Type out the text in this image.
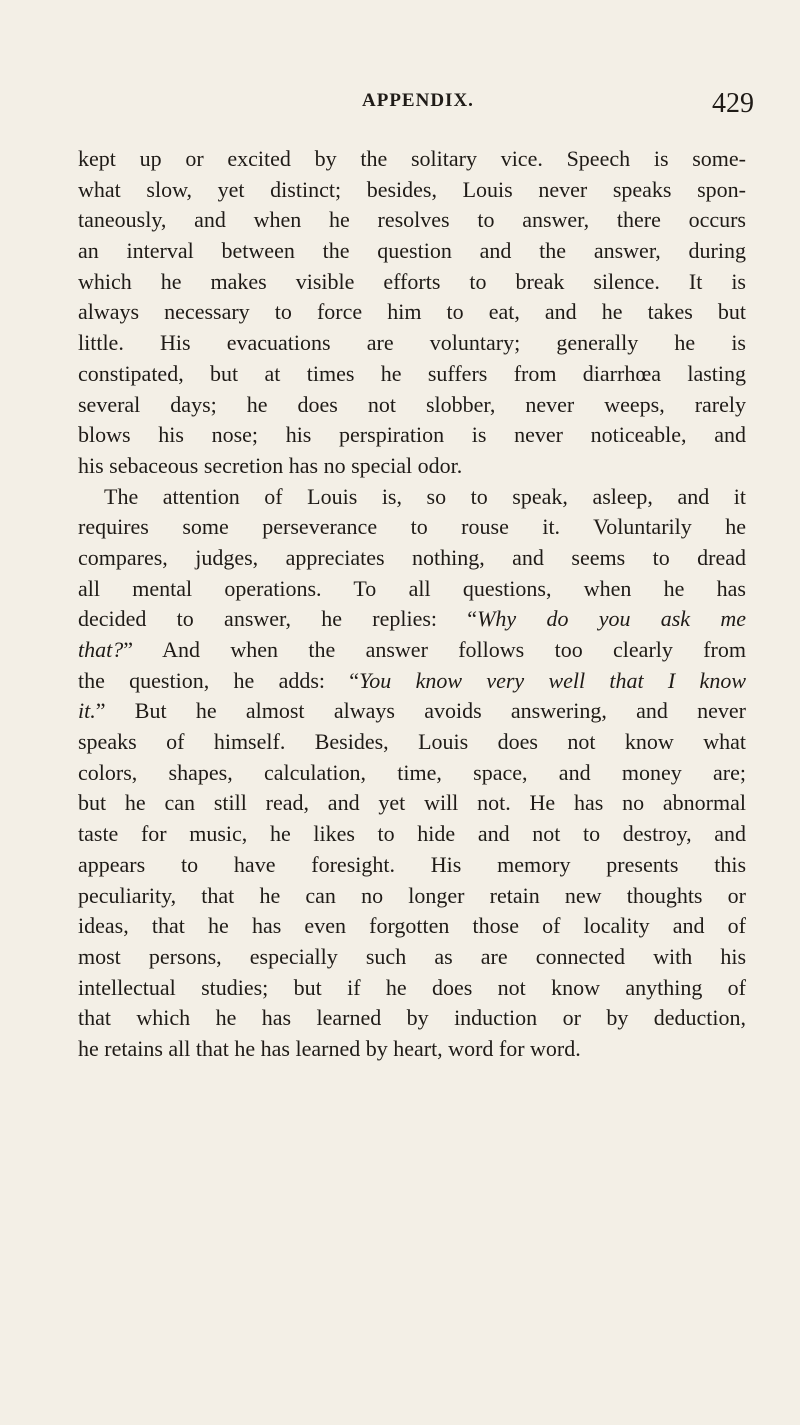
APPENDIX.	429
kept up or excited by the solitary vice. Speech is some-
what slow, yet distinct; besides, Louis never speaks spon-
taneously, and when he resolves to answer, there occurs
an interval between the question and the answer, during
which he makes visible efforts to break silence. It is
always necessary to force him to eat, and he takes but
little. His evacuations are voluntary; generally he is
constipated, but at times he suffers from diarrhœa lasting
several days; he does not slobber, never weeps, rarely
blows his nose; his perspiration is never noticeable, and
his sebaceous secretion has no special odor.
The attention of Louis is, so to speak, asleep, and it
requires some perseverance to rouse it. Voluntarily he
compares, judges, appreciates nothing, and seems to dread
all mental operations. To all questions, when he has
decided to answer, he replies: “Why do you ask me
that?” And when the answer follows too clearly from
the question, he adds: “You know very well that I know
it.” But he almost always avoids answering, and never
speaks of himself. Besides, Louis does not know what
colors, shapes, calculation, time, space, and money are;
but he can still read, and yet will not. He has no abnormal
taste for music, he likes to hide and not to destroy, and
appears to have foresight. His memory presents this
peculiarity, that he can no longer retain new thoughts or
ideas, that he has even forgotten those of locality and of
most persons, especially such as are connected with his
intellectual studies; but if he does not know anything of
that which he has learned by induction or by deduction,
he retains all that he has learned by heart, word for word.
